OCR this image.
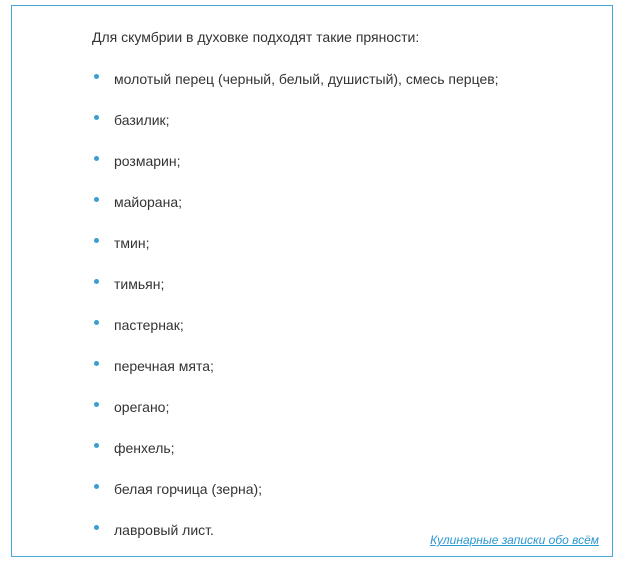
Для скумбрии в духовке подходят такие пряности:
молотый перец (черный, белый, душистый), смесь перцев;
базилик;
розмарин;
майорана;
тмин;
тимьян;
пастернак;
перечная мята;
орегано;
фенхель;
белая горчица (зерна);
лавровый лист.
Кулинарные записки обо всём
